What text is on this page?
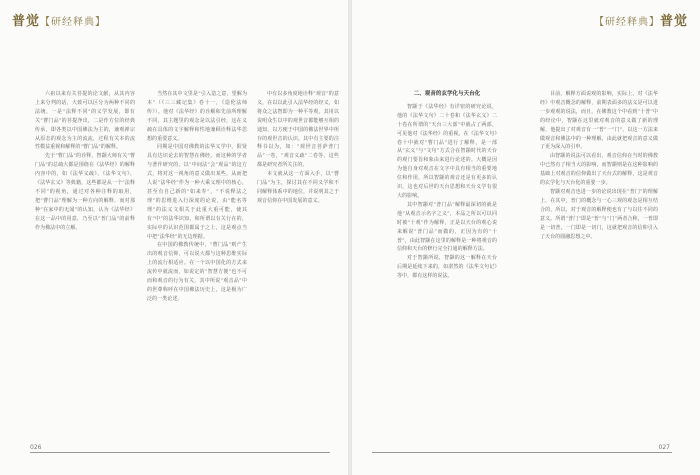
普觉【研经释典】

六祖以来有关菩提的论文献，从其内容上来分判的话，大致可以区分为两种不同的法统，一是“法释不同”的义学发展，即有关“曹门品”的菩提净出，二是作方位的经典传承，即各类以中国佛法为主的，兼观禅宗从原态的观念为主的流流，过程有关本的流性模益重视和解释的“曹门品”的解释。

先于“曹门品”的诠释，智颛大师有关“曹门品”的总疏大都是围绕在《法华经》的解释内容中的，如《法华义疏》、《法华文句》、《法华玄义》等典籍，这些都是从一个“法释不同”的视角，通过对各种注释的取用，把“曹门品”理解为一种方向的解释，而对那种“在家中的无闻”的认知，认为《法华经》在这一品中的用意，乃至以“普门品”的前释作为佛法中的立解。

当然在其中文里是“引入造之意，望解为本”（《三三藏记集》卷十一，《造伦法师传》）。他对《法华经》的诠解和先前所理解不同，其主题里的观念是以法引经，这在义疏在具体的文字解释和性地兼顾诠释法华思想的重要意义。

同期是中国对佛教的法华义学中，阳贤具有达识论去的智慧在佛经，而这种的学者与著作研究的，以“中间法”会“观品”的这方式，将对这一视角的意义做出某些，从而把人说“法华经”作为一种大乘义理中的核心，甚至有自己新的“如来寿”，“不说释法之理”的思维进入行深度的论说，由“能名等理”的法义文相关于此重大重可能，使其有“中”的法华识知，和所谓以有关行在的，实际中的认识范围都属于之上，这是观点当中把“法华经”的无边理据。

在中国的佛教传统中，“曹门品”则产生出的观音信仰，可以说大都与这种思维实际上的流行相适应。在一个以中国化的方式来流传中就流而，如说定的“智慧方便”也不可而和观音的行为有关，其中所说“观音品”中的世尊称呼在中国佛法历史上，这是极为广泛的一类论述。

中有以多角度地诠释“观音”的意义，在以以此引入法华经的经义，如将众之法智即为一种平等观，其用以说明众生以中的观世音都能够互相的通知，以方便于中国的佛法世界中所存的观世音的认识。其中有主要的注释书以为，如：“观世音菩萨普门品”一卷，“观音义疏”二卷等，这些都是研究者所关注的。

本文就从这一方面入手，以“曹门品”为主，探讨其在不同义学和不同解释体系中的地位，并说明其之于观音信仰在中国发展的意义。

026
【研经释典】普觉

二、观音的玄学化与天台化

智颛于《法华经》有详密的研究论说，他的《法华文句》二十卷和《法华玄义》二十卷在所谓的“天台三大部”中就占了两部，可见他对《法华经》的重视。在《法华文句》卷十中就对“曹门品”进行了解释，是一部从“玄义”与“文句”方式合在智颛时代的天台的观门要旨和象由来进行论述的。大概是因为他自身对观音在文字中具有相当的重要地位和作用，所以智颛的观音还是有更多的认识，这也对后世的天台思想和天台义学有很大的影响。

其中智颛对“普门品”解释最深切的就是他“从观音示名字之义”，本品之所以可以同时被“十观”作为解释，正是以天台的观心说来解说“普门品”而做的，正因为有的“十普”，由此智颛在这里的解释是一种将观音的信仰和天台的修行完全打通的解释方法。

对于智颛所说，智颛的这一解释在天台后期是延续下来的，如湛然的《法华文句记》等中，都有这样的说法。

目前，解释方面说观的影响，实际上，对《法华经》中观音概念的解释，前期表面多的法义是可以进一步观观的说法，而且，在佛教这个中看到“十普”中的经论中，智颛在这里就对观音的意义做了新的理解，他提出了对观音有一“普”一“门”，以这一方法来做观音和佛法中的一种理解，由此就把观音的意义做了更为深入的引申。

由智颛的说法可以看出，观音信仰在当时的佛教中已然有了相当大的影响，而智颛则是在这种影响的基础上对观音的信仰做出了天台式的解释，这是观音的玄学化与天台化的重要一步。

智颛对观音也进一步的论说出现在“普门”的理解上，在其中，普门的概念与一心三观的观念是相互结合的，所以，对于观音的解释便也有了与以往不同的意义。所谓“普门”即是“普”与“门”两者合称，一普即是一切普，一门即是一切门，这就把观音的信仰引入了天台的圆融思想之中。

027
